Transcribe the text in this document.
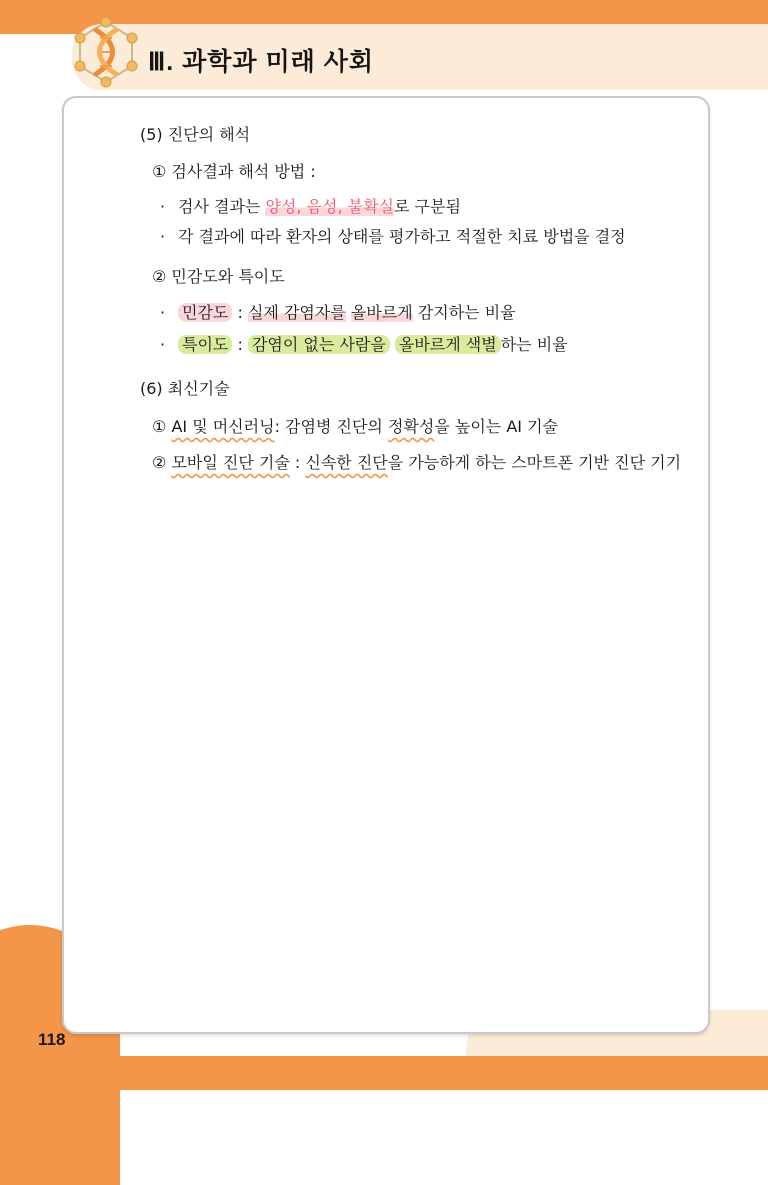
Ⅲ. 과학과 미래 사회
(5) 진단의 해석
① 검사결과 해석 방법 :
· 검사 결과는 양성, 음성, 불확실로 구분됨
· 각 결과에 따라 환자의 상태를 평가하고 적절한 치료 방법을 결정
② 민감도와 특이도
· 민감도 : 실제 감염자를 올바르게 감지하는 비율
· 특이도 : 감염이 없는 사람을 올바르게 색별 하는 비율
(6) 최신기술
① AI 및 머신러닝: 감염병 진단의 정확성을 높이는 AI 기술
② 모바일 진단 기술 : 신속한 진단을 가능하게 하는 스마트폰 기반 진단 기기
118
